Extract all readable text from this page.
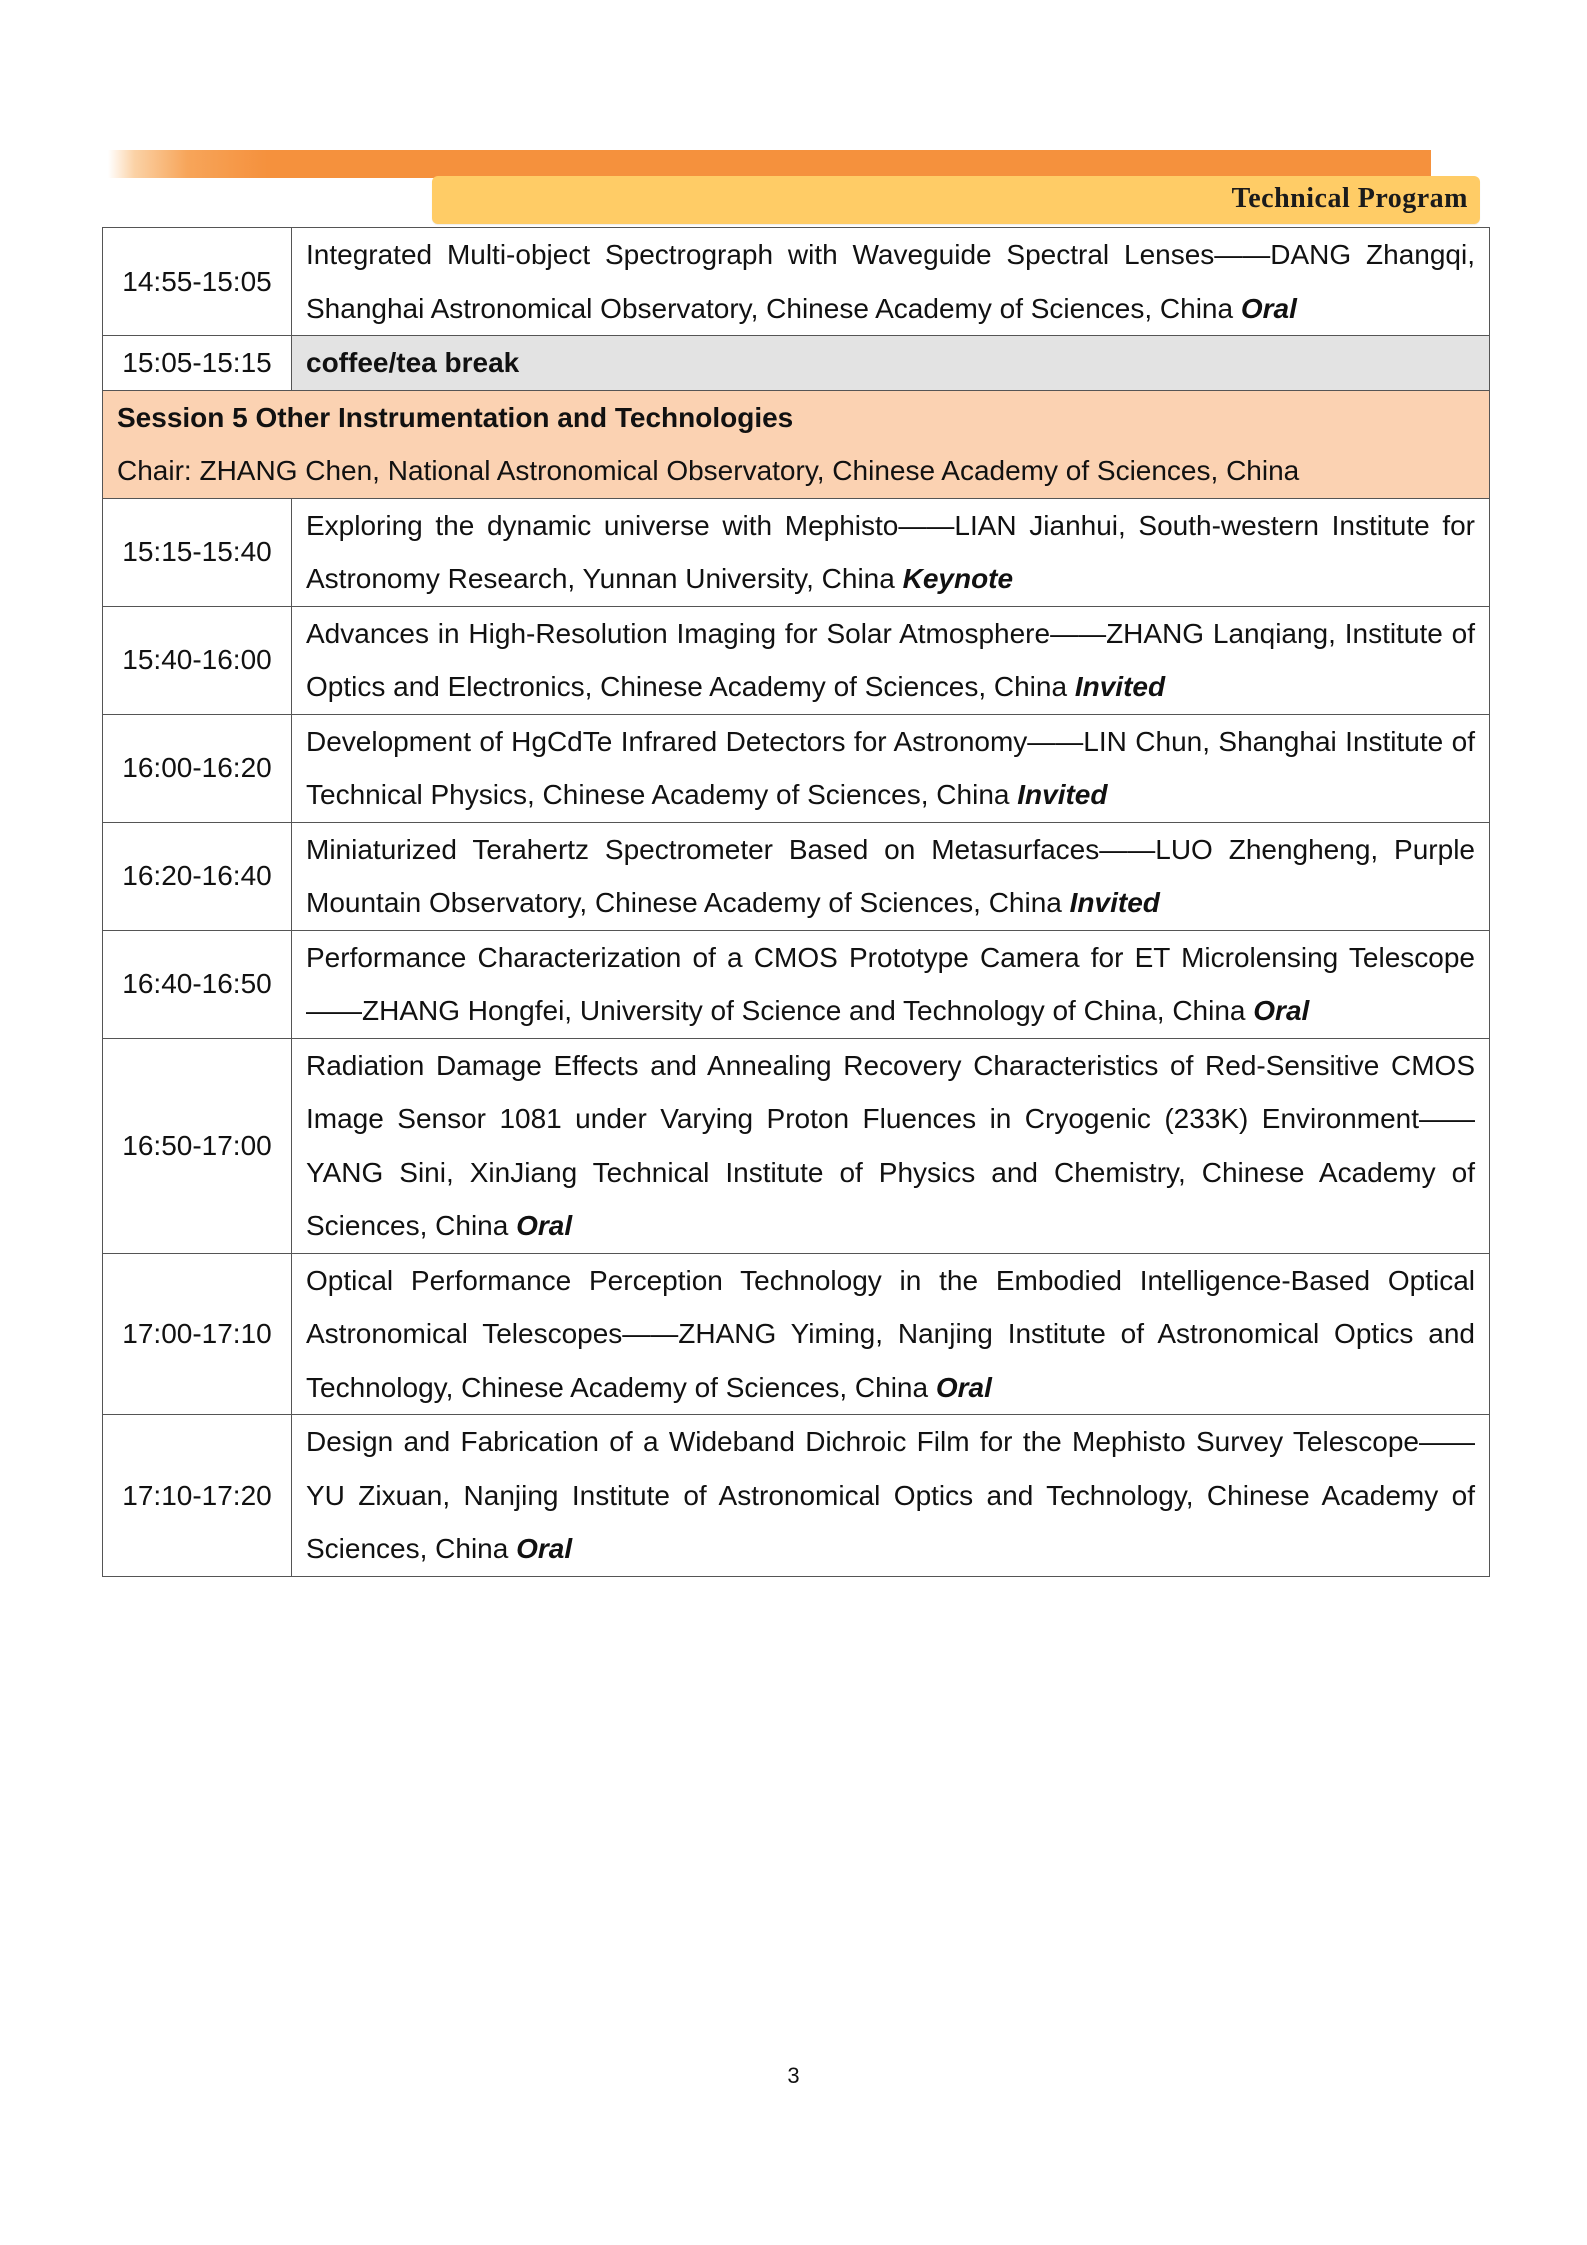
Technical Program
14:55-15:05	Integrated Multi-object Spectrograph with Waveguide Spectral Lenses——DANG Zhangqi, Shanghai Astronomical Observatory, Chinese Academy of Sciences, China Oral
15:05-15:15	coffee/tea break

Session 5 Other Instrumentation and Technologies
Chair: ZHANG Chen, National Astronomical Observatory, Chinese Academy of Sciences, China	
15:15-15:40	Exploring the dynamic universe with Mephisto——LIAN Jianhui, South-western Institute for Astronomy Research, Yunnan University, China Keynote
15:40-16:00	Advances in High-Resolution Imaging for Solar Atmosphere——ZHANG Lanqiang, Institute of Optics and Electronics, Chinese Academy of Sciences, China Invited
16:00-16:20	Development of HgCdTe Infrared Detectors for Astronomy——LIN Chun, Shanghai Institute of Technical Physics, Chinese Academy of Sciences, China Invited
16:20-16:40	Miniaturized Terahertz Spectrometer Based on Metasurfaces——LUO Zhengheng, Purple Mountain Observatory, Chinese Academy of Sciences, China Invited
16:40-16:50	Performance Characterization of a CMOS Prototype Camera for ET Microlensing Telescope——ZHANG Hongfei, University of Science and Technology of China, China Oral
16:50-17:00	Radiation Damage Effects and Annealing Recovery Characteristics of Red-Sensitive CMOS Image Sensor 1081 under Varying Proton Fluences in Cryogenic (233K) Environment——YANG Sini, XinJiang Technical Institute of Physics and Chemistry, Chinese Academy of Sciences, China Oral
17:00-17:10	Optical Performance Perception Technology in the Embodied Intelligence-Based Optical Astronomical Telescopes——ZHANG Yiming, Nanjing Institute of Astronomical Optics and Technology, Chinese Academy of Sciences, China Oral
17:10-17:20	Design and Fabrication of a Wideband Dichroic Film for the Mephisto Survey Telescope——YU Zixuan, Nanjing Institute of Astronomical Optics and Technology, Chinese Academy of Sciences, China Oral
3
